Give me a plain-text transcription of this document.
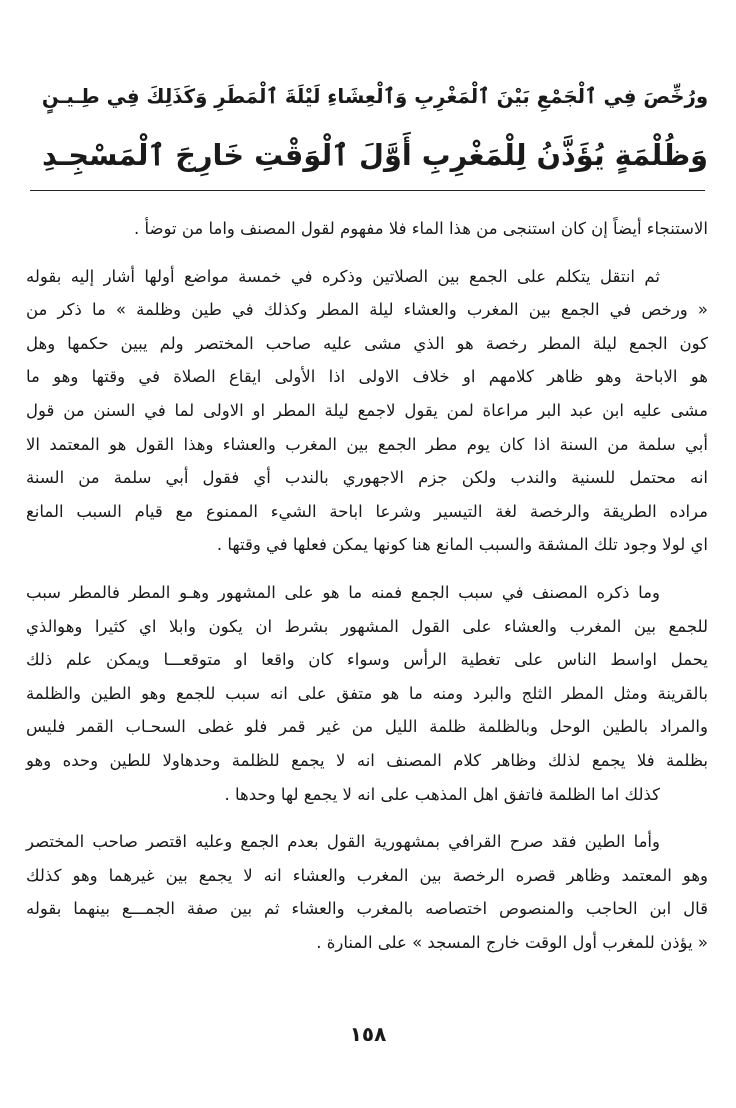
ورُخِّصَ فِي ٱلْجَمْعِ بَيْنَ ٱلْمَغْرِبِ وَٱلْعِشَاءِ لَيْلَةَ ٱلْمَطَرِ وَكَذَلِكَ فِي طِـيـنٍ
وَظُلْمَةٍ يُؤَذَّنُ لِلْمَغْرِبِ أَوَّلَ ٱلْوَقْتِ خَارِجَ ٱلْمَسْجِـدِ
الاستنجاء أيضاً إن كان استنجى من هذا الماء فلا مفهوم لقول المصنف واما من توضأ .
ثم انتقل يتكلم على الجمع بين الصلاتين وذكره في خمسة مواضع أولها أشار إليه بقوله
« ورخص في الجمع بين المغرب والعشاء ليلة المطر وكذلك في طين وظلمة » ما ذكر من
كون الجمع ليلة المطر رخصة هو الذي مشى عليه صاحب المختصر ولم يبين حكمها وهل
هو الاباحة وهو ظاهر كلامهم او خلاف الاولى اذا الأولى ايقاع الصلاة في وقتها وهو ما
مشى عليه ابن عبد البر مراعاة لمن يقول لاجمع ليلة المطر او الاولى لما في السنن من قول
أبي سلمة من السنة اذا كان يوم مطر الجمع بين المغرب والعشاء وهذا القول هو المعتمد الا
انه محتمل للسنية والندب ولكن جزم الاجهوري بالندب أي فقول أبي سلمة من السنة
مراده الطريقة والرخصة لغة التيسير وشرعا اباحة الشيء الممنوع مع قيام السبب المانع
اي لولا وجود تلك المشقة والسبب المانع هنا كونها يمكن فعلها في وقتها .
وما ذكره المصنف في سبب الجمع فمنه ما هو على المشهور وهـو المطر فالمطر سبب
للجمع بين المغرب والعشاء على القول المشهور بشرط ان يكون وابلا اي كثيرا وهوالذي
يحمل اواسط الناس على تغطية الرأس وسواء كان واقعا او متوقعـــا ويمكن علم ذلك
بالقرينة ومثل المطر الثلج والبرد ومنه ما هو متفق على انه سبب للجمع وهو الطين والظلمة
والمراد بالطين الوحل وبالظلمة ظلمة الليل من غير قمر فلو غطى السحـاب القمر فليس
بظلمة فلا يجمع لذلك وظاهر كلام المصنف انه لا يجمع للظلمة وحدهاولا للطين وحده وهو
كذلك اما الظلمة فاتفق اهل المذهب على انه لا يجمع لها وحدها .
وأما الطين فقد صرح القرافي بمشهورية القول بعدم الجمع وعليه اقتصر صاحب المختصر
وهو المعتمد وظاهر قصره الرخصة بين المغرب والعشاء انه لا يجمع بين غيرهما وهو كذلك
قال ابن الحاجب والمنصوص اختصاصه بالمغرب والعشاء ثم بين صفة الجمـــع بينهما بقوله
« يؤذن للمغرب أول الوقت خارج المسجد » على المنارة .
١٥٨
